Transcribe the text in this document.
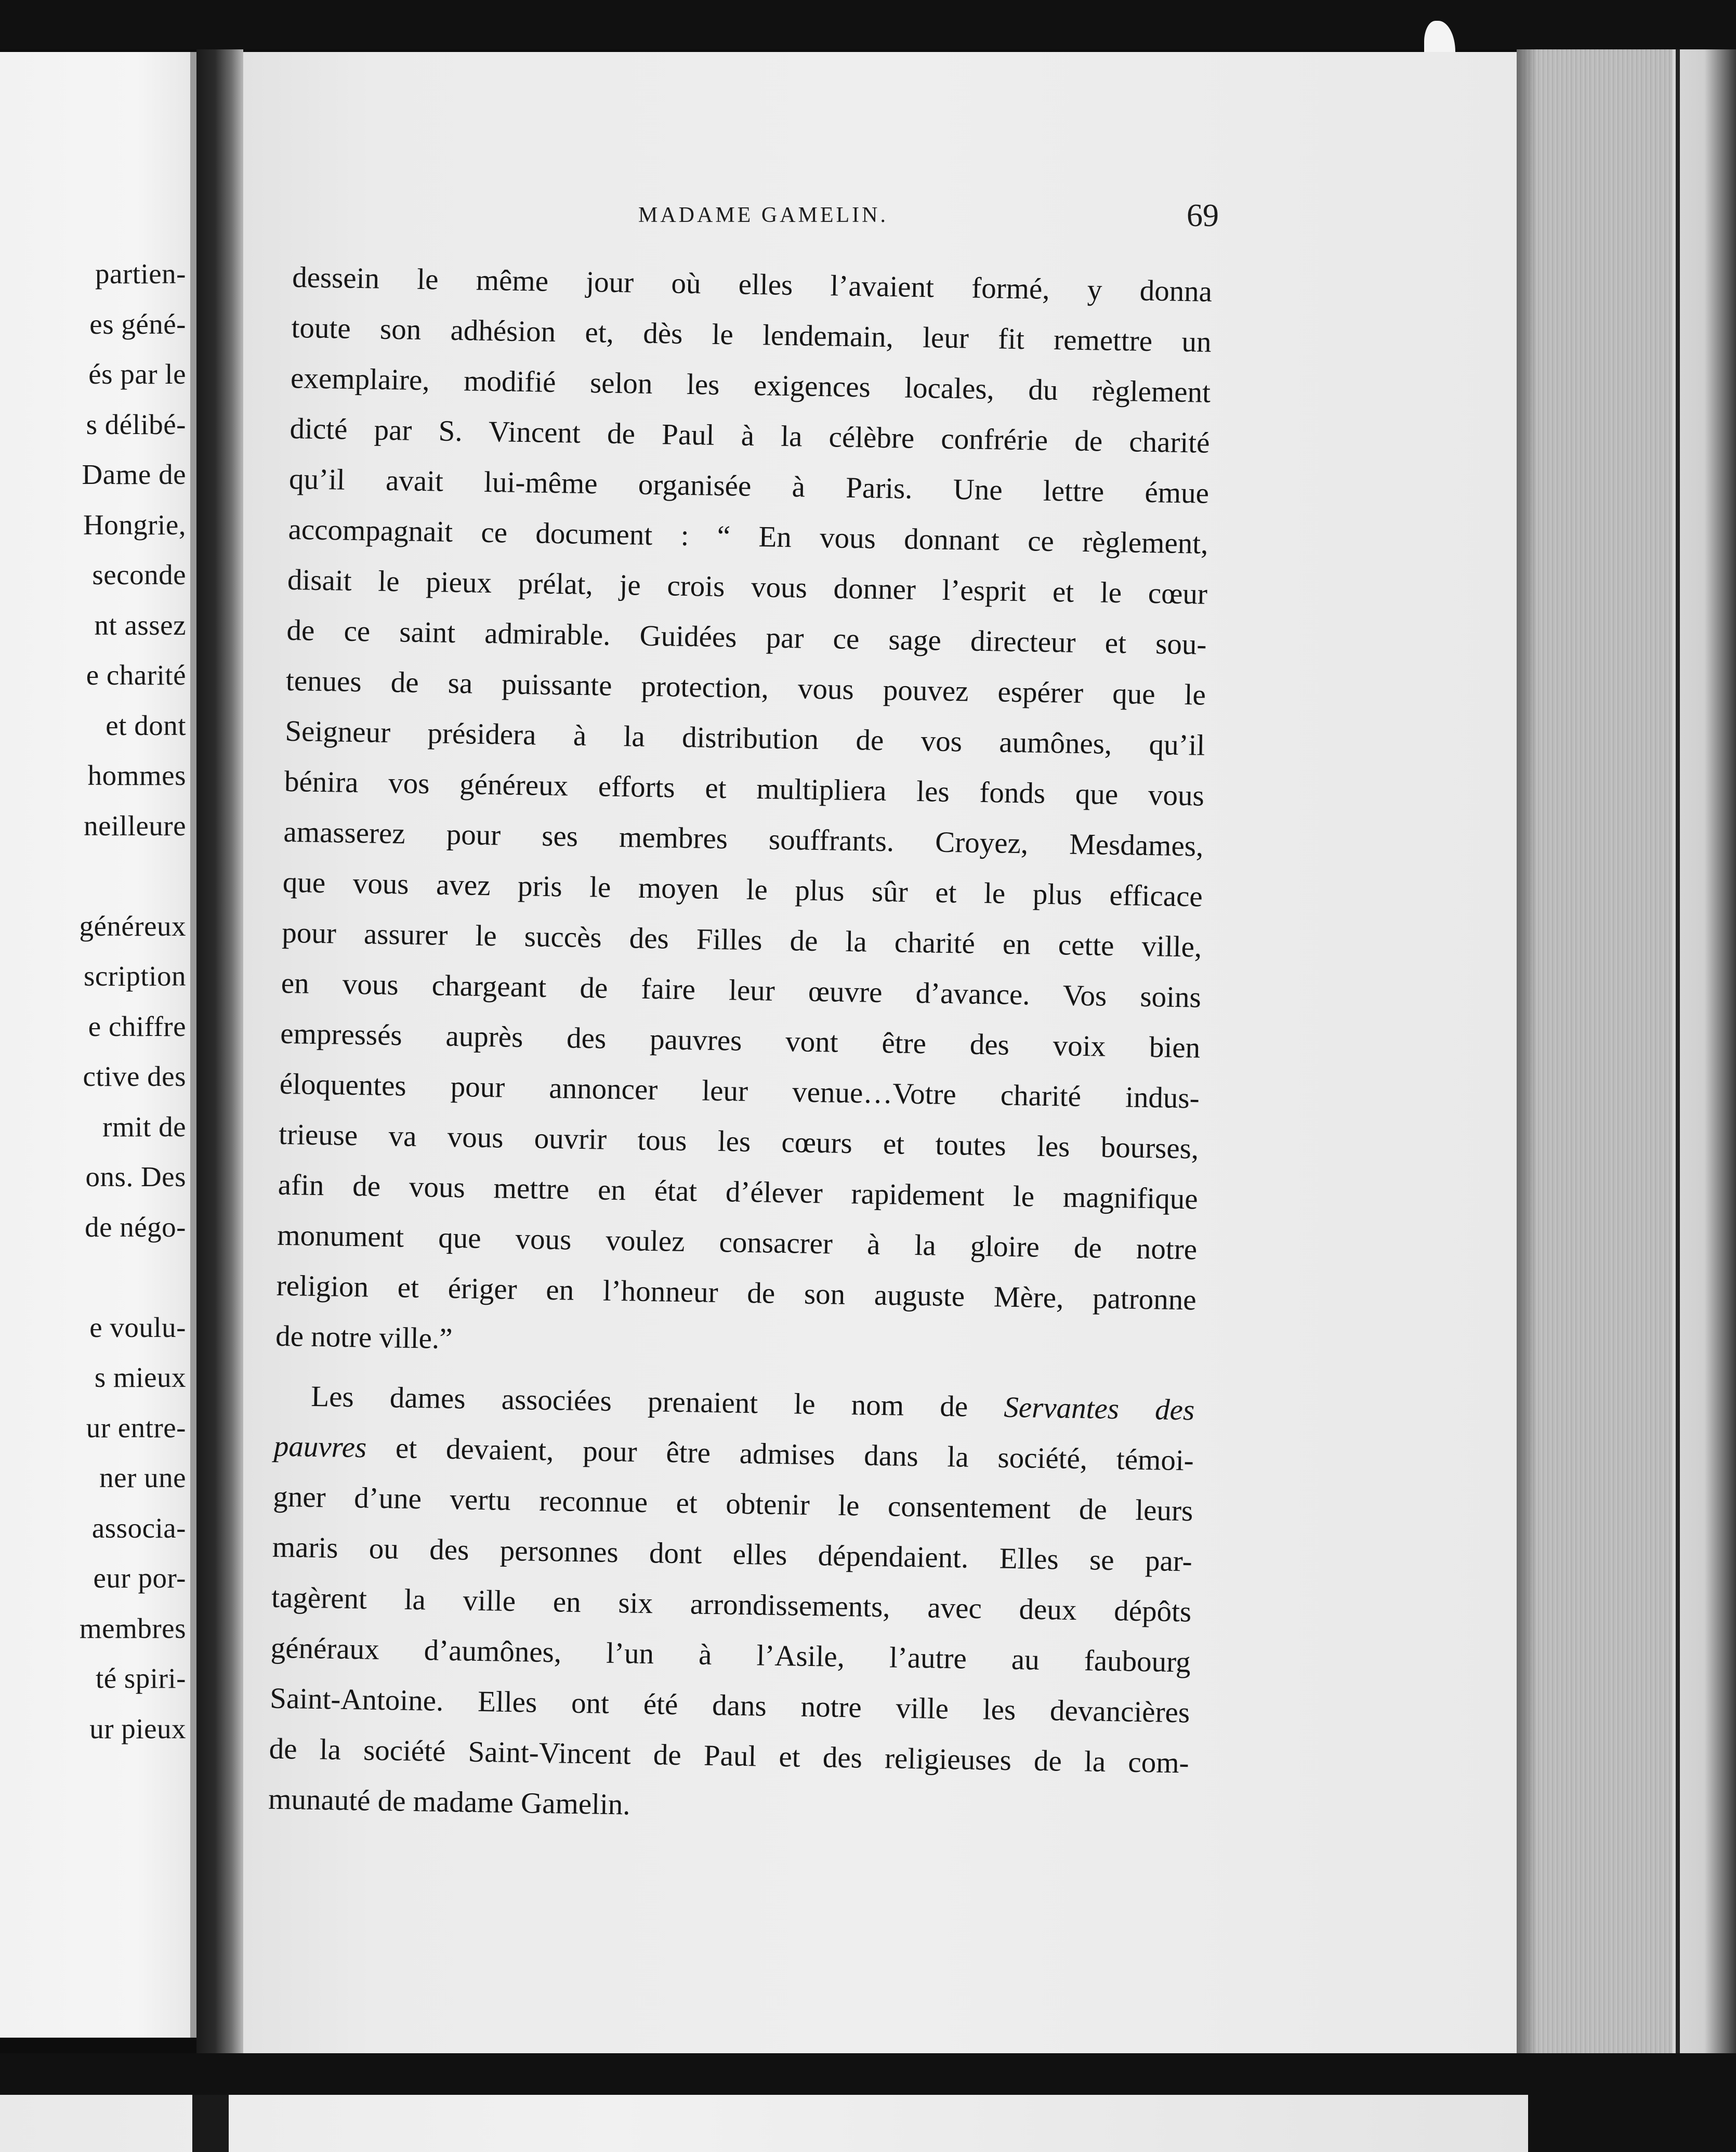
partien-
es géné-
és par le
s délibé-
Dame de
Hongrie,
seconde
nt assez
e charité
et dont
hommes
neilleure
généreux
scription
e chiffre
ctive des
rmit de
ons. Des
de négo-
e voulu-
s mieux
ur entre-
ner une
associa-
eur por-
membres
té spiri-
ur pieux
MADAME GAMELIN.	69
dessein le même jour où elles l’avaient formé, y donna
toute son adhésion et, dès le lendemain, leur fit remettre un
exemplaire, modifié selon les exigences locales, du règlement
dicté par S. Vincent de Paul à la célèbre confrérie de charité
qu’il avait lui-même organisée à Paris. Une lettre émue
accompagnait ce document : “ En vous donnant ce règlement,
disait le pieux prélat, je crois vous donner l’esprit et le cœur
de ce saint admirable. Guidées par ce sage directeur et sou-
tenues de sa puissante protection, vous pouvez espérer que le
Seigneur présidera à la distribution de vos aumônes, qu’il
bénira vos généreux efforts et multipliera les fonds que vous
amasserez pour ses membres souffrants. Croyez, Mesdames,
que vous avez pris le moyen le plus sûr et le plus efficace
pour assurer le succès des Filles de la charité en cette ville,
en vous chargeant de faire leur œuvre d’avance. Vos soins
empressés auprès des pauvres vont être des voix bien
éloquentes pour annoncer leur venue…Votre charité indus-
trieuse va vous ouvrir tous les cœurs et toutes les bourses,
afin de vous mettre en état d’élever rapidement le magnifique
monument que vous voulez consacrer à la gloire de notre
religion et ériger en l’honneur de son auguste Mère, patronne
de notre ville.”
Les dames associées prenaient le nom de Servantes des
pauvres et devaient, pour être admises dans la société, témoi-
gner d’une vertu reconnue et obtenir le consentement de leurs
maris ou des personnes dont elles dépendaient. Elles se par-
tagèrent la ville en six arrondissements, avec deux dépôts
généraux d’aumônes, l’un à l’Asile, l’autre au faubourg
Saint-Antoine. Elles ont été dans notre ville les devancières
de la société Saint-Vincent de Paul et des religieuses de la com-
munauté de madame Gamelin.
